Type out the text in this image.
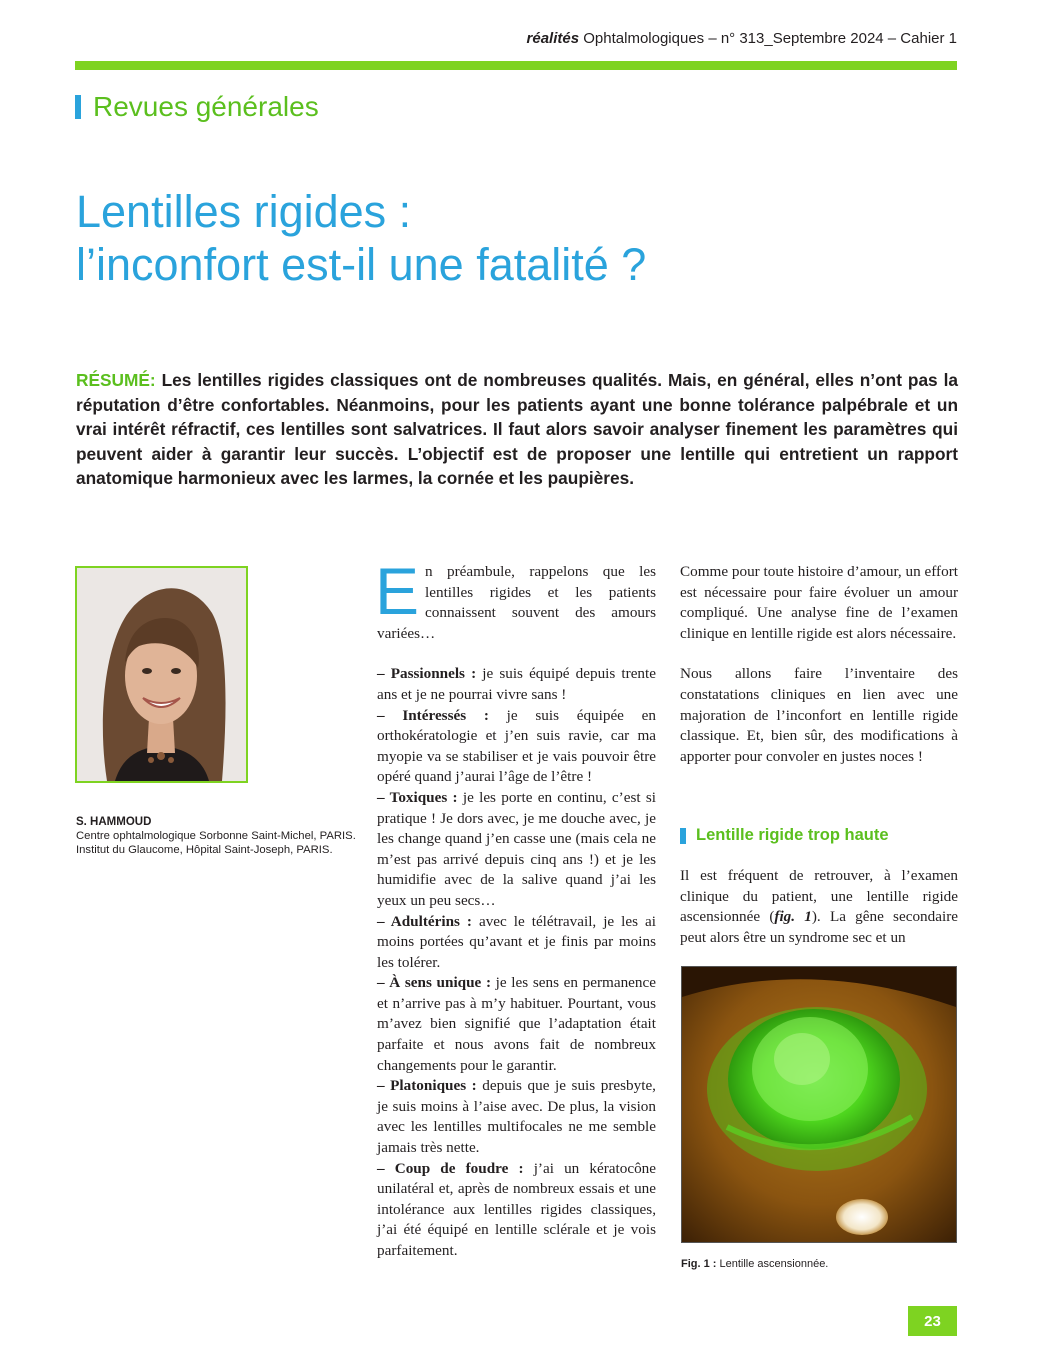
réalités Ophtalmologiques – n° 313_Septembre 2024 – Cahier 1
Revues générales
Lentilles rigides :
l’inconfort est-il une fatalité ?

RÉSUMÉ: Les lentilles rigides classiques ont de nombreuses qualités. Mais, en général, elles n’ont pas la réputation d’être confortables. Néanmoins, pour les patients ayant une bonne tolérance palpébrale et un vrai intérêt réfractif, ces lentilles sont salvatrices. Il faut alors savoir analyser finement les paramètres qui peuvent aider à garantir leur succès. L’objectif est de proposer une lentille qui entretient un rapport anatomique harmonieux avec les larmes, la cornée et les paupières.

S. HAMMOUD
Centre ophtalmologique Sorbonne Saint-Michel, PARIS.
Institut du Glaucome, Hôpital Saint-Joseph, PARIS.

En préambule, rappelons que les lentilles rigides et les patients connaissent souvent des amours variées…

– Passionnels : je suis équipé depuis trente ans et je ne pourrai vivre sans !

– Intéressés : je suis équipée en orthokératologie et j’en suis ravie, car ma myopie va se stabiliser et je vais pouvoir être opéré quand j’aurai l’âge de l’être !

– Toxiques : je les porte en continu, c’est si pratique ! Je dors avec, je me douche avec, je les change quand j’en casse une (mais cela ne m’est pas arrivé depuis cinq ans !) et je les humidifie avec de la salive quand j’ai les yeux un peu secs…

– Adultérins : avec le télétravail, je les ai moins portées qu’avant et je finis par moins les tolérer.

– À sens unique : je les sens en permanence et n’arrive pas à m’y habituer. Pourtant, vous m’avez bien signifié que l’adaptation était parfaite et nous avons fait de nombreux changements pour le garantir.

– Platoniques : depuis que je suis presbyte, je suis moins à l’aise avec. De plus, la vision avec les lentilles multifocales ne me semble jamais très nette.

– Coup de foudre : j’ai un kératocône unilatéral et, après de nombreux essais et une intolérance aux lentilles rigides classiques, j’ai été équipé en lentille sclérale et je vois parfaitement.

Comme pour toute histoire d’amour, un effort est nécessaire pour faire évoluer un amour compliqué. Une analyse fine de l’examen clinique en lentille rigide est alors nécessaire.

Nous allons faire l’inventaire des constatations cliniques en lien avec une majoration de l’inconfort en lentille rigide classique. Et, bien sûr, des modifications à apporter pour convoler en justes noces !

Lentille rigide trop haute

Il est fréquent de retrouver, à l’examen clinique du patient, une lentille rigide ascensionnée (fig. 1). La gêne secondaire peut alors être un syndrome sec et un

Fig. 1 : Lentille ascensionnée.
23
